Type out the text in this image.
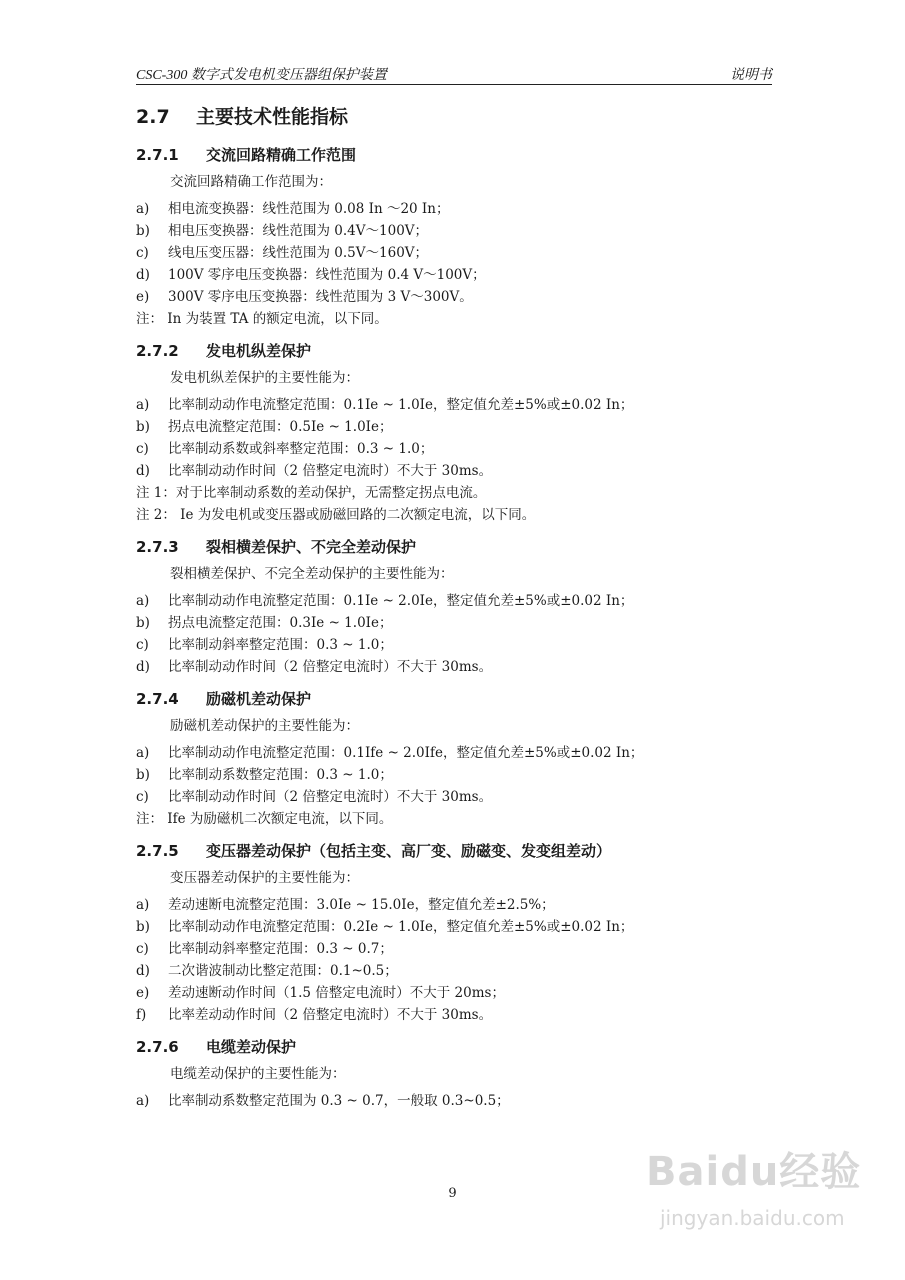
CSC-300 数字式发电机变压器组保护装置	说明书
2.7 主要技术性能指标
2.7.1 交流回路精确工作范围
交流回路精确工作范围为：
a) 相电流变换器：线性范围为 0.08 In ～20 In；
b) 相电压变换器：线性范围为 0.4V～100V；
c) 线电压变压器：线性范围为 0.5V～160V；
d) 100V 零序电压变换器：线性范围为 0.4 V～100V；
e) 300V 零序电压变换器：线性范围为 3 V～300V。
注： In 为装置 TA 的额定电流，以下同。
2.7.2 发电机纵差保护
发电机纵差保护的主要性能为：
a) 比率制动动作电流整定范围：0.1Ie ~ 1.0Ie，整定值允差±5%或±0.02 In；
b) 拐点电流整定范围：0.5Ie ~ 1.0Ie；
c) 比率制动系数或斜率整定范围：0.3 ~ 1.0；
d) 比率制动动作时间（2 倍整定电流时）不大于 30ms。
注 1：对于比率制动系数的差动保护，无需整定拐点电流。
注 2： Ie 为发电机或变压器或励磁回路的二次额定电流，以下同。
2.7.3 裂相横差保护、不完全差动保护
裂相横差保护、不完全差动保护的主要性能为：
a) 比率制动动作电流整定范围：0.1Ie ~ 2.0Ie，整定值允差±5%或±0.02 In；
b) 拐点电流整定范围：0.3Ie ~ 1.0Ie；
c) 比率制动斜率整定范围：0.3 ~ 1.0；
d) 比率制动动作时间（2 倍整定电流时）不大于 30ms。
2.7.4 励磁机差动保护
励磁机差动保护的主要性能为：
a) 比率制动动作电流整定范围：0.1Ife ~ 2.0Ife，整定值允差±5%或±0.02 In；
b) 比率制动系数整定范围：0.3 ~ 1.0；
c) 比率制动动作时间（2 倍整定电流时）不大于 30ms。
注： Ife 为励磁机二次额定电流，以下同。
2.7.5 变压器差动保护（包括主变、高厂变、励磁变、发变组差动）
变压器差动保护的主要性能为：
a) 差动速断电流整定范围：3.0Ie ~ 15.0Ie，整定值允差±2.5%；
b) 比率制动动作电流整定范围：0.2Ie ~ 1.0Ie，整定值允差±5%或±0.02 In；
c) 比率制动斜率整定范围：0.3 ~ 0.7；
d) 二次谐波制动比整定范围：0.1~0.5；
e) 差动速断动作时间（1.5 倍整定电流时）不大于 20ms；
f) 比率差动动作时间（2 倍整定电流时）不大于 30ms。
2.7.6 电缆差动保护
电缆差动保护的主要性能为：
a) 比率制动系数整定范围为 0.3 ~ 0.7，一般取 0.3~0.5；
9	Baidu经验
jingyan.baidu.com
